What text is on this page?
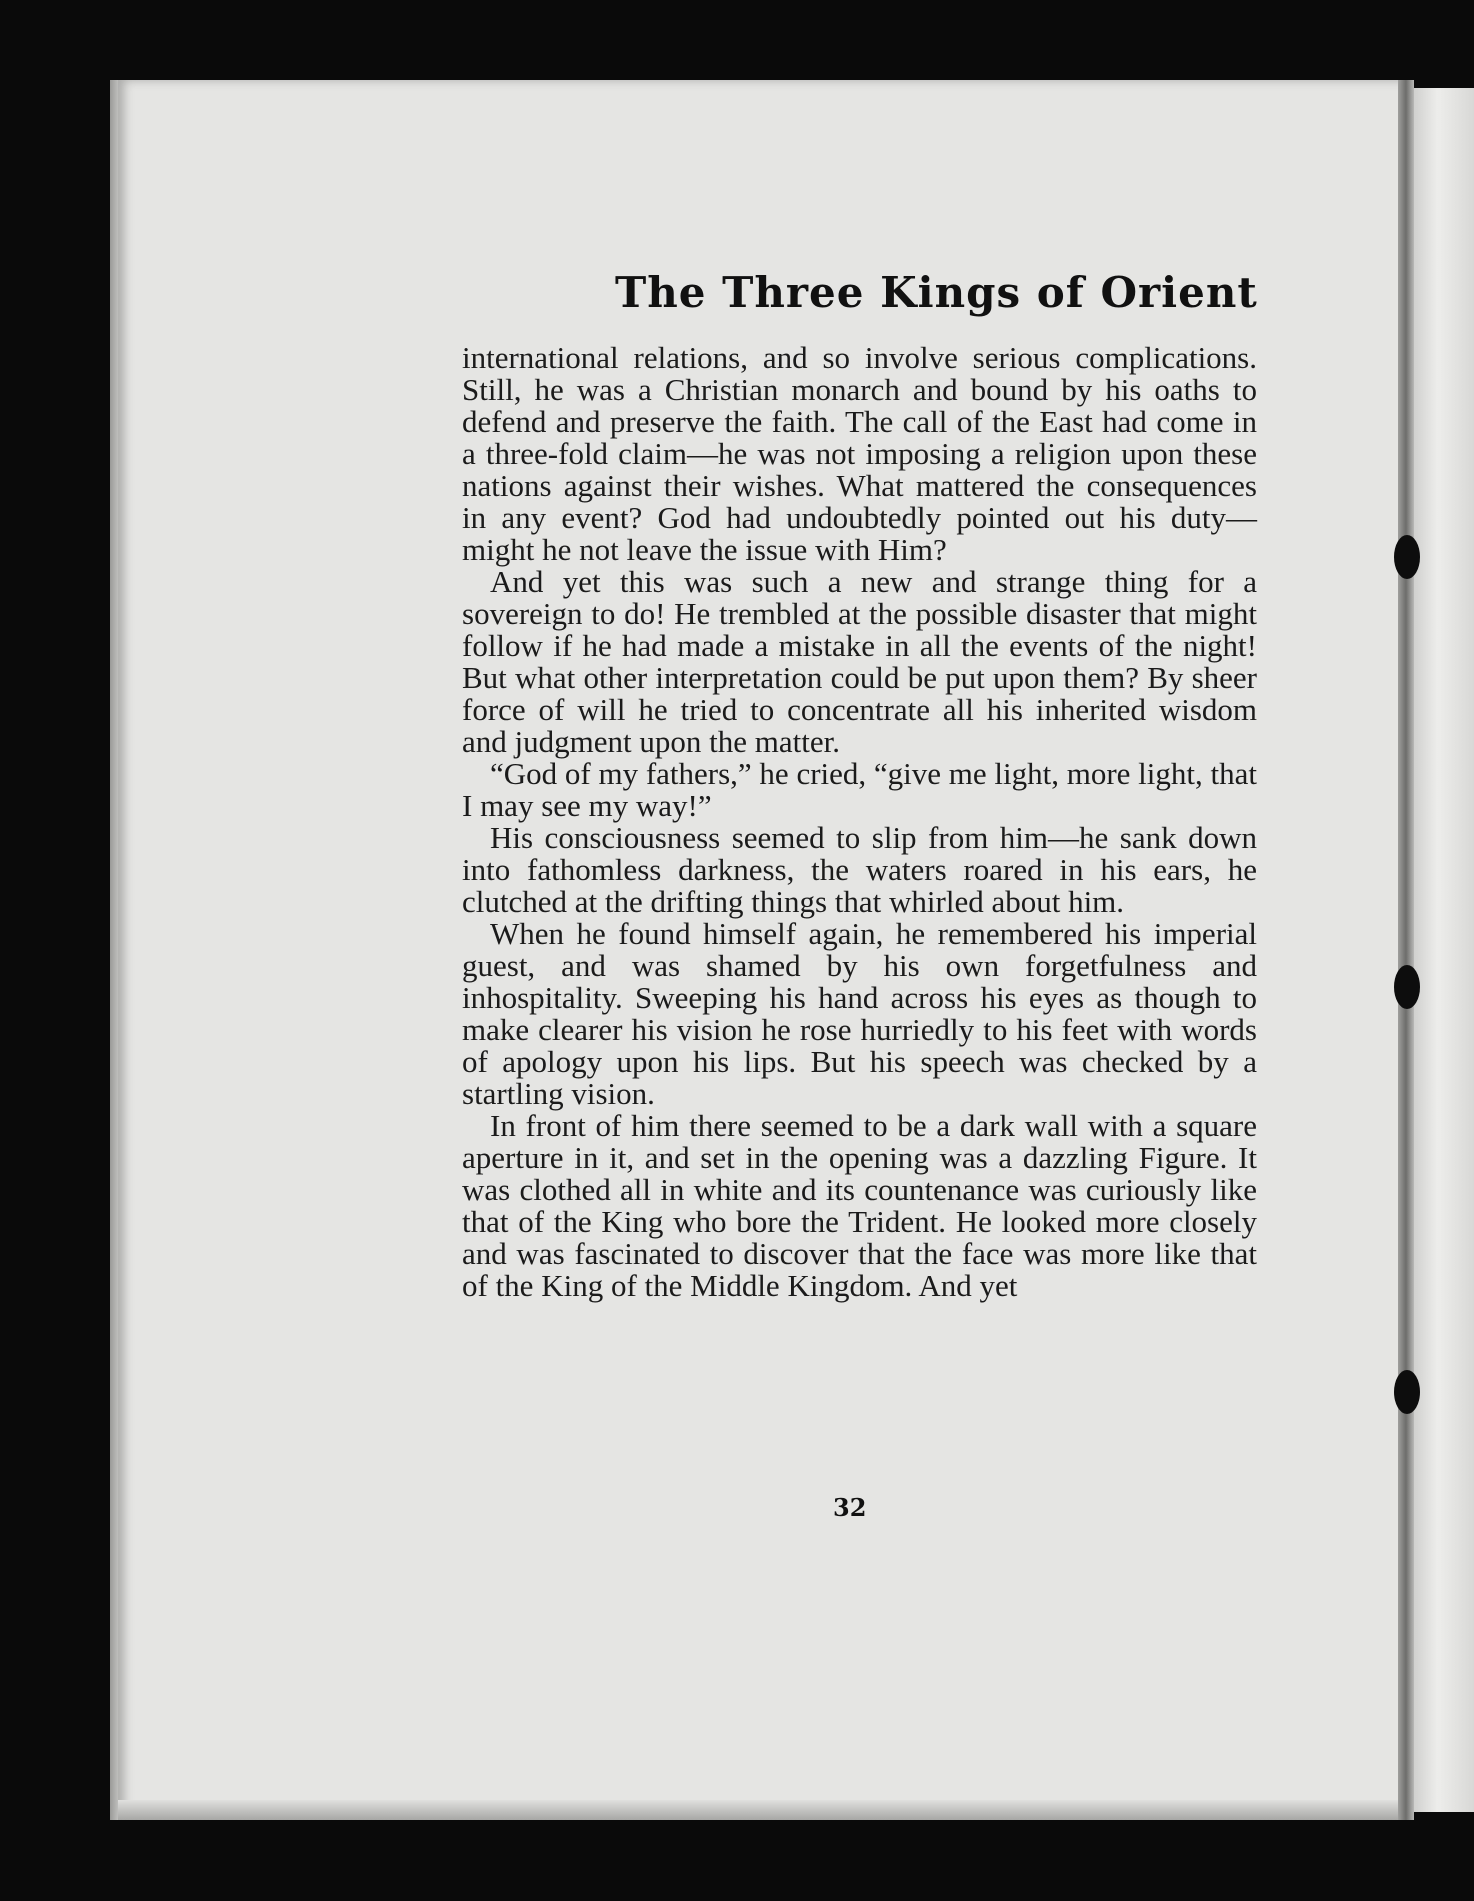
The Three Kings of Orient

international relations, and so involve serious complications. Still, he was a Christian monarch and bound by his oaths to defend and preserve the faith. The call of the East had come in a three-fold claim—he was not imposing a religion upon these nations against their wishes. What mattered the consequences in any event? God had undoubtedly pointed out his duty—might he not leave the issue with Him?

And yet this was such a new and strange thing for a sovereign to do! He trembled at the possible disaster that might follow if he had made a mistake in all the events of the night! But what other interpretation could be put upon them? By sheer force of will he tried to concentrate all his inherited wisdom and judgment upon the matter.

“God of my fathers,” he cried, “give me light, more light, that I may see my way!”

His consciousness seemed to slip from him—he sank down into fathomless darkness, the waters roared in his ears, he clutched at the drifting things that whirled about him.

When he found himself again, he remembered his imperial guest, and was shamed by his own forgetfulness and inhospitality. Sweeping his hand across his eyes as though to make clearer his vision he rose hurriedly to his feet with words of apology upon his lips. But his speech was checked by a startling vision.

In front of him there seemed to be a dark wall with a square aperture in it, and set in the opening was a dazzling Figure. It was clothed all in white and its countenance was curiously like that of the King who bore the Trident. He looked more closely and was fascinated to discover that the face was more like that of the King of the Middle Kingdom. And yet

32
